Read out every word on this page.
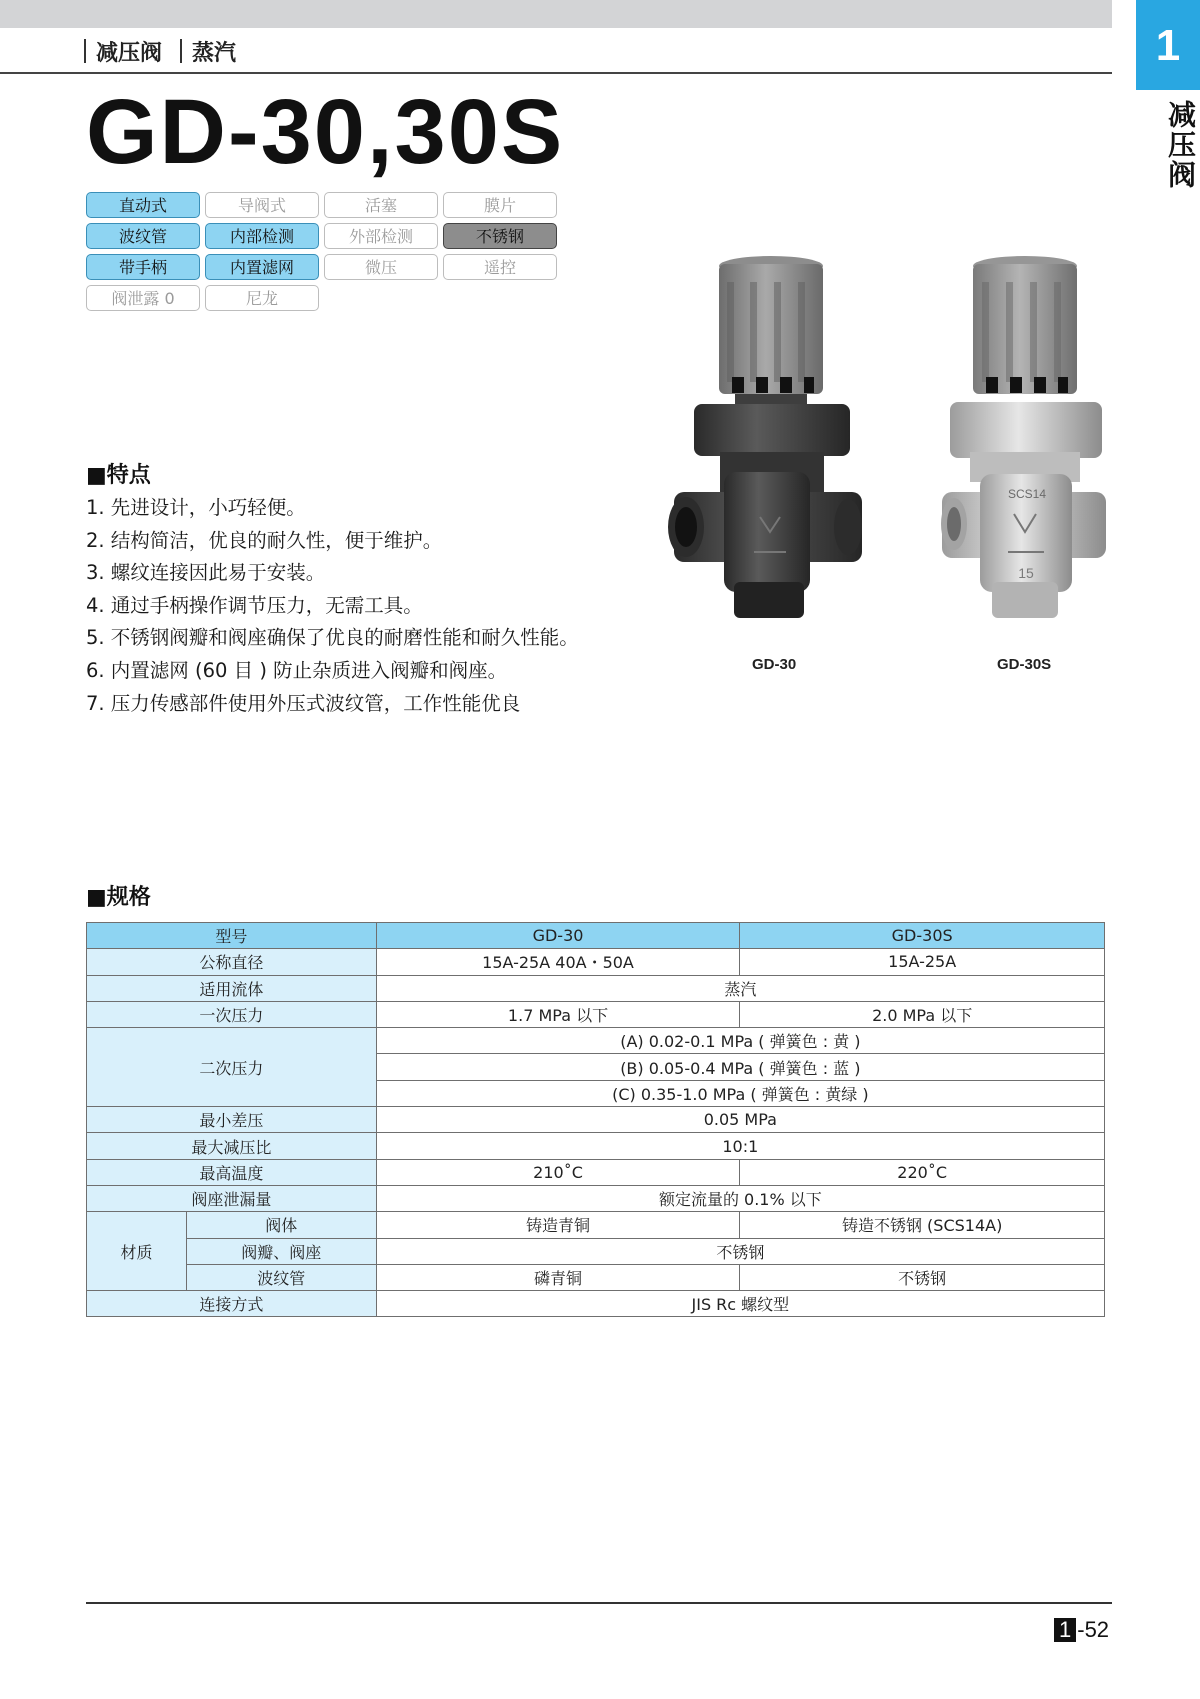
1
减压阀
减压阀 蒸汽
GD-30,30S
直动式	导阀式	活塞	膜片
波纹管	内部检测	外部检测	不锈钢
带手柄	内置滤网	微压	遥控
阀泄露 0	尼龙
■特点
1. 先进设计，小巧轻便。
2. 结构简洁，优良的耐久性，便于维护。
3. 螺纹连接因此易于安装。
4. 通过手柄操作调节压力，无需工具。
5. 不锈钢阀瓣和阀座确保了优良的耐磨性能和耐久性能。
6. 内置滤网 (60 目 ) 防止杂质进入阀瓣和阀座。
7. 压力传感部件使用外压式波纹管，工作性能优良
GD-30
SCS14
15
GD-30S
■规格
型号		GD-30	GD-30S
公称直径		15A-25A 40A・50A	15A-25A
适用流体		蒸汽	
一次压力		1.7 MPa 以下	2.0 MPa 以下
二次压力		(A) 0.02-0.1 MPa ( 弹簧色 : 黄 )	
		(B) 0.05-0.4 MPa ( 弹簧色 : 蓝 )	
		(C) 0.35-1.0 MPa ( 弹簧色 : 黄绿 )	
最小差压		0.05 MPa	
最大减压比		10:1	
最高温度		210˚C	220˚C
阀座泄漏量		额定流量的 0.1% 以下	
材质	阀体	铸造青铜	铸造不锈钢 (SCS14A)
	阀瓣、阀座	不锈钢	
	波纹管	磷青铜	不锈钢
连接方式		JIS Rc 螺纹型	
1 -52
